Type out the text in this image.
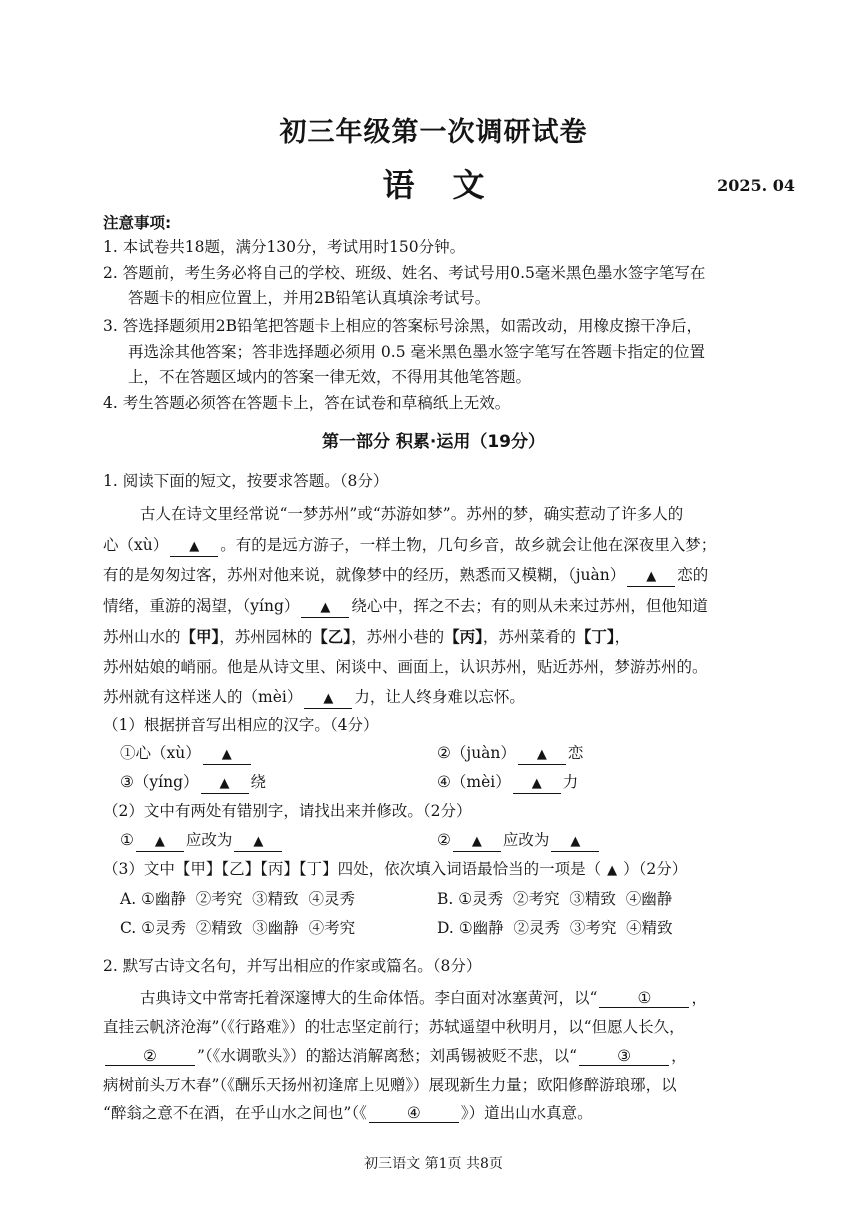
初三年级第一次调研试卷
语文	2025. 04
注意事项:
1. 本试卷共18题，满分130分，考试用时150分钟。
2. 答题前，考生务必将自己的学校、班级、姓名、考试号用0.5毫米黑色墨水签字笔写在
答题卡的相应位置上，并用2B铅笔认真填涂考试号。
3. 答选择题须用2B铅笔把答题卡上相应的答案标号涂黑，如需改动，用橡皮擦干净后，
再选涂其他答案；答非选择题必须用 0.5 毫米黑色墨水签字笔写在答题卡指定的位置
上，不在答题区域内的答案一律无效，不得用其他笔答题。
4. 考生答题必须答在答题卡上，答在试卷和草稿纸上无效。
第一部分 积累·运用（19分）
1. 阅读下面的短文，按要求答题。（8分）
古人在诗文里经常说“一梦苏州”或“苏游如梦”。苏州的梦，确实惹动了许多人的
心（xù） ▲ 。有的是远方游子，一样土物，几句乡音，故乡就会让他在深夜里入梦；
有的是匆匆过客，苏州对他来说，就像梦中的经历，熟悉而又模糊，（juàn） ▲ 恋的
情绪，重游的渴望，（yíng） ▲ 绕心中，挥之不去；有的则从未来过苏州，但他知道
苏州山水的【甲】，苏州园林的【乙】，苏州小巷的【丙】，苏州菜肴的【丁】，
苏州姑娘的峭丽。他是从诗文里、闲谈中、画面上，认识苏州，贴近苏州，梦游苏州的。
苏州就有这样迷人的（mèi） ▲ 力，让人终身难以忘怀。
（1）根据拼音写出相应的汉字。（4分）
①心（xù） ▲	②（juàn） ▲ 恋
③（yíng） ▲ 绕	④（mèi） ▲ 力
（2）文中有两处有错别字，请找出来并修改。（2分）
① ▲ 应改为 ▲	② ▲ 应改为 ▲
（3）文中【甲】【乙】【丙】【丁】四处，依次填入词语最恰当的一项是（ ▲ ）（2分）
A. ①幽静  ②考究  ③精致  ④灵秀	B. ①灵秀  ②考究  ③精致  ④幽静
C. ①灵秀  ②精致  ③幽静  ④考究	D. ①幽静  ②灵秀  ③考究  ④精致
2. 默写古诗文名句，并写出相应的作家或篇名。（8分）
古典诗文中常寄托着深邃博大的生命体悟。李白面对冰塞黄河，以“	①	，
直挂云帆济沧海”（《行路难》）的壮志坚定前行；苏轼遥望中秋明月，以“但愿人长久，
②	”（《水调歌头》）的豁达消解离愁；刘禹锡被贬不悲，以“	③	，
病树前头万木春”（《酬乐天扬州初逢席上见赠》）展现新生力量；欧阳修醉游琅琊，以
“醉翁之意不在酒，在乎山水之间也”（《	④	》）道出山水真意。
初三语文 第1页 共8页
